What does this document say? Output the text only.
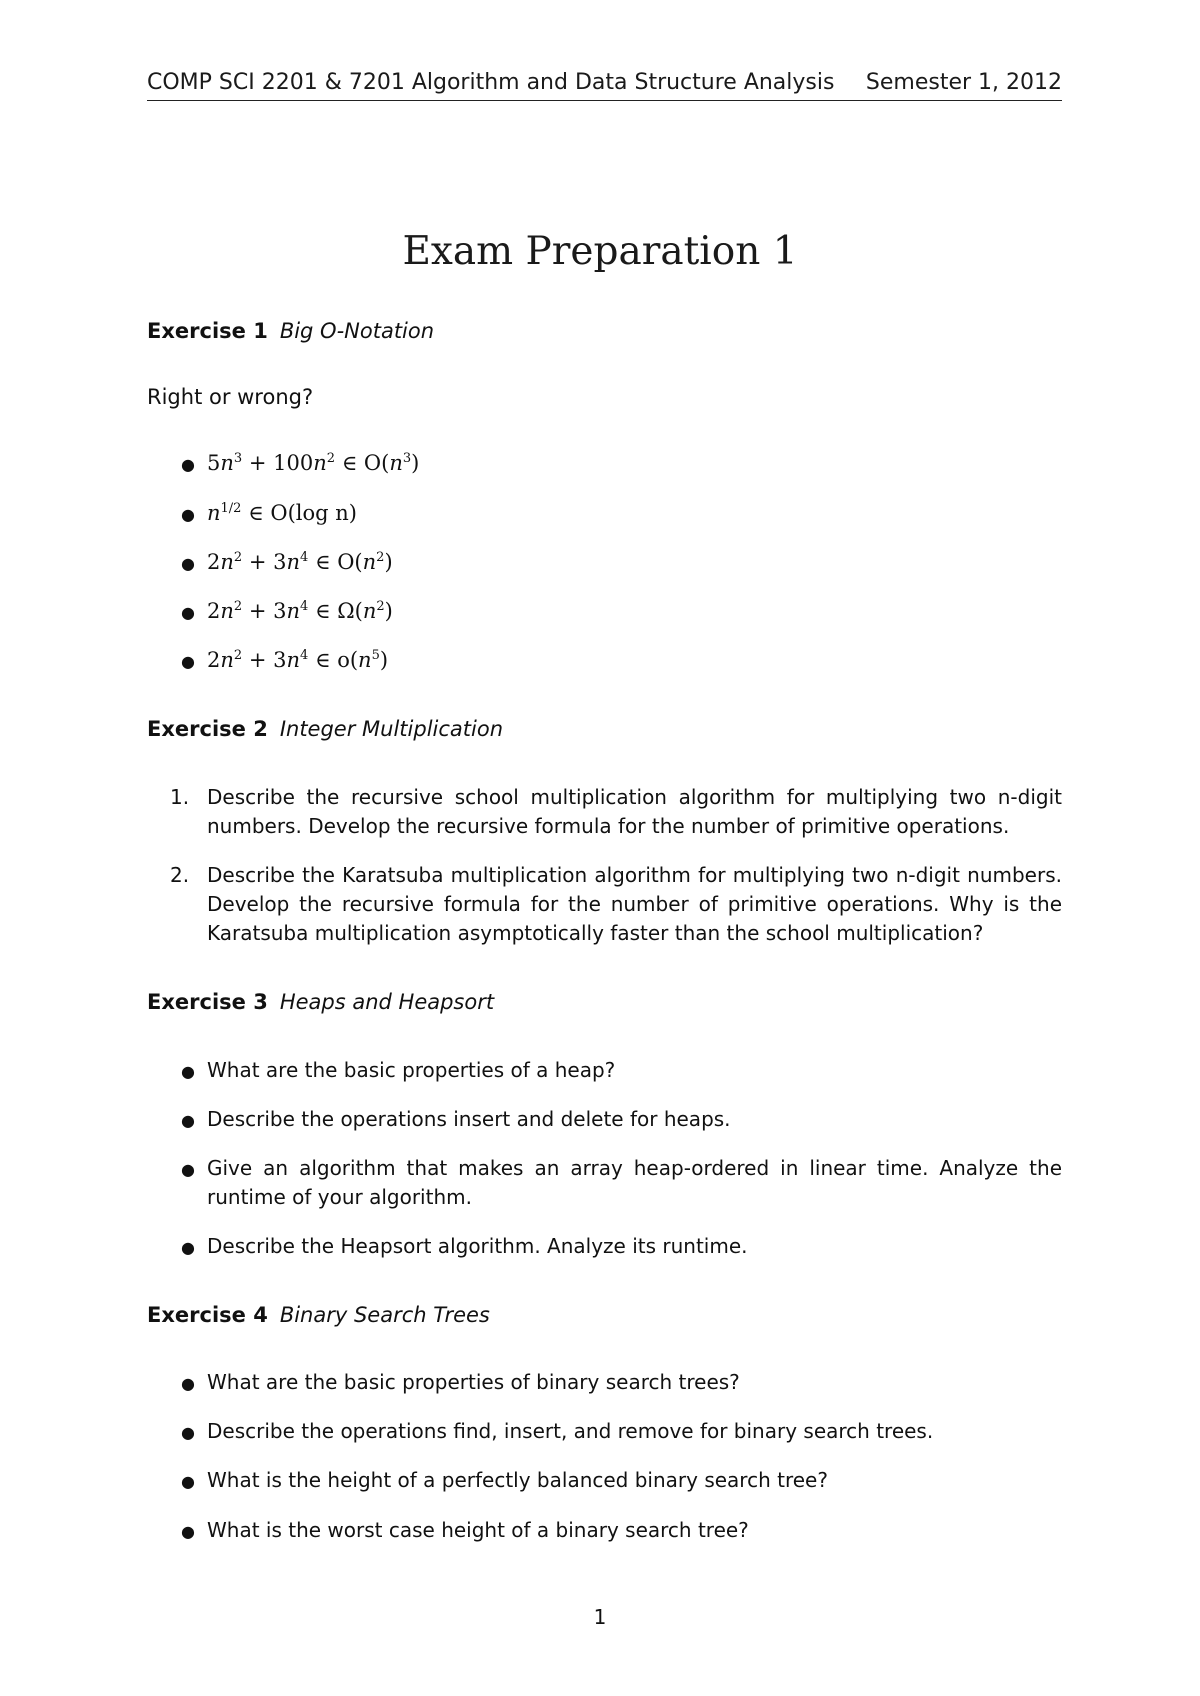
COMP SCI 2201 & 7201 Algorithm and Data Structure Analysis Semester 1, 2012
Exam Preparation 1
Exercise 1 Big O-Notation
Right or wrong?
● $5n^3 + 100n^2$ ∈ $O(n^3)$
● $n^{1/2}$ ∈ O(log n)
● $2n^2 + 3n^4$ ∈ $O(n^2)$
● $2n^2 + 3n^4$ ∈ $\Omega(n^2)$
● $2n^2 + 3n^4$ ∈ $o(n^5)$
Exercise 2 Integer Multiplication
1. Describe the recursive school multiplication algorithm for multiplying two n-digit numbers. Develop the recursive formula for the number of primitive operations.
2. Describe the Karatsuba multiplication algorithm for multiplying two n-digit numbers. Develop the recursive formula for the number of primitive operations. Why is the Karatsuba multiplication asymptotically faster than the school multiplication?
Exercise 3 Heaps and Heapsort
● What are the basic properties of a heap?
● Describe the operations insert and delete for heaps.
● Give an algorithm that makes an array heap-ordered in linear time. Analyze the runtime of your algorithm.
● Describe the Heapsort algorithm. Analyze its runtime.
Exercise 4 Binary Search Trees
● What are the basic properties of binary search trees?
● Describe the operations find, insert, and remove for binary search trees.
● What is the height of a perfectly balanced binary search tree?
● What is the worst case height of a binary search tree?
1
